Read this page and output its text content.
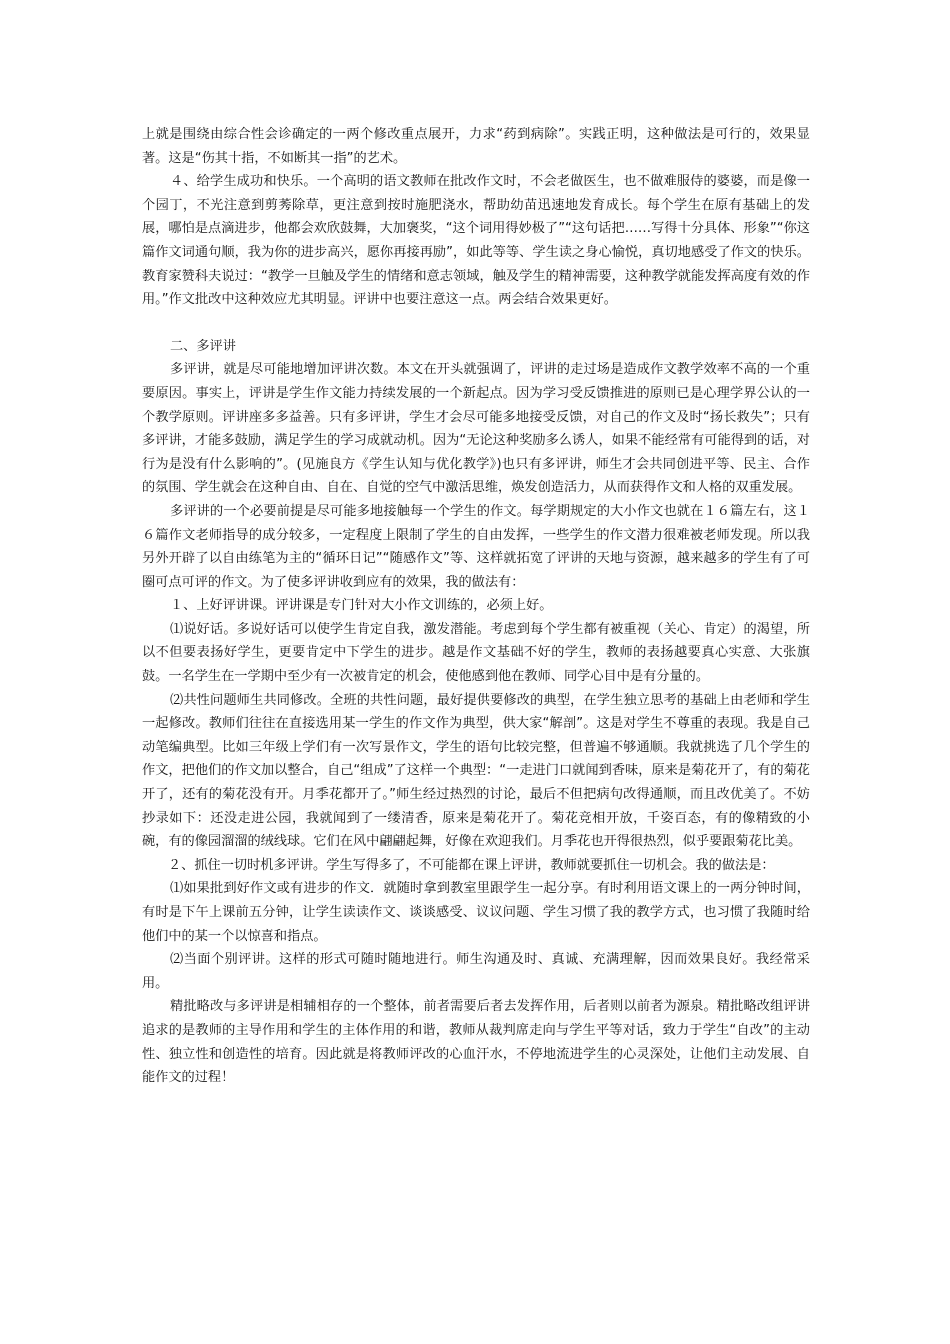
上就是围绕由综合性会诊确定的一两个修改重点展开，力求“药到病除”。实践正明，这种做法是可行的，效果显著。这是“伤其十指，不如断其一指”的艺术。

４、给学生成功和快乐。一个高明的语文教师在批改作文时，不会老做医生，也不做难服侍的婆婆，而是像一个园丁，不光注意到剪莠除草，更注意到按时施肥浇水，帮助幼苗迅速地发育成长。每个学生在原有基础上的发展，哪怕是点滴进步，他都会欢欣鼓舞，大加褒奖，“这个词用得妙极了”“这句话把……写得十分具体、形象”“你这篇作文词通句顺，我为你的进步高兴，愿你再接再励”，如此等等、学生读之身心愉悦，真切地感受了作文的快乐。教育家赞科夫说过：“教学一旦触及学生的情绪和意志领域，触及学生的精神需要，这种教学就能发挥高度有效的作用。”作文批改中这种效应尤其明显。评讲中也要注意这一点。两会结合效果更好。

二、多评讲

多评讲，就是尽可能地增加评讲次数。本文在开头就强调了，评讲的走过场是造成作文教学效率不高的一个重要原因。事实上，评讲是学生作文能力持续发展的一个新起点。因为学习受反馈推进的原则已是心理学界公认的一个教学原则。评讲座多多益善。只有多评讲，学生才会尽可能多地接受反馈，对自己的作文及时“扬长救失”；只有多评讲，才能多鼓励，满足学生的学习成就动机。因为“无论这种奖励多么诱人，如果不能经常有可能得到的话，对行为是没有什么影响的”。(见施良方《学生认知与优化教学》)也只有多评讲，师生才会共同创进平等、民主、合作的氛围、学生就会在这种自由、自在、自觉的空气中激活思维，焕发创造活力，从而获得作文和人格的双重发展。

多评讲的一个必要前提是尽可能多地接触每一个学生的作文。每学期规定的大小作文也就在１６篇左右，这１６篇作文老师指导的成分较多，一定程度上限制了学生的自由发挥，一些学生的作文潜力很难被老师发现。所以我另外开辟了以自由练笔为主的“循环日记”“随感作文”等、这样就拓宽了评讲的天地与资源，越来越多的学生有了可圈可点可评的作文。为了使多评讲收到应有的效果，我的做法有：

１、上好评讲课。评讲课是专门针对大小作文训练的，必须上好。

⑴说好话。多说好话可以使学生肯定自我，激发潜能。考虑到每个学生都有被重视（关心、肯定）的渴望，所以不但要表扬好学生，更要肯定中下学生的进步。越是作文基础不好的学生，教师的表扬越要真心实意、大张旗鼓。一名学生在一学期中至少有一次被肯定的机会，使他感到他在教师、同学心目中是有分量的。

⑵共性问题师生共同修改。全班的共性问题，最好提供要修改的典型，在学生独立思考的基础上由老师和学生一起修改。教师们往往在直接选用某一学生的作文作为典型，供大家“解剖”。这是对学生不尊重的表现。我是自己动笔编典型。比如三年级上学们有一次写景作文，学生的语句比较完整，但普遍不够通顺。我就挑选了几个学生的作文，把他们的作文加以整合，自己“组成”了这样一个典型：“一走进门口就闻到香味，原来是菊花开了，有的菊花开了，还有的菊花没有开。月季花都开了。”师生经过热烈的讨论，最后不但把病句改得通顺，而且改优美了。不妨抄录如下：还没走进公园，我就闻到了一缕清香，原来是菊花开了。菊花竞相开放，千姿百态，有的像精致的小碗，有的像园溜溜的绒线球。它们在风中翩翩起舞，好像在欢迎我们。月季花也开得很热烈，似乎要跟菊花比美。

２、抓住一切时机多评讲。学生写得多了，不可能都在课上评讲，教师就要抓住一切机会。我的做法是：

⑴如果批到好作文或有进步的作文．就随时拿到教室里跟学生一起分享。有时利用语文课上的一两分钟时间，有时是下午上课前五分钟，让学生读读作文、谈谈感受、议议问题、学生习惯了我的教学方式，也习惯了我随时给他们中的某一个以惊喜和指点。

⑵当面个别评讲。这样的形式可随时随地进行。师生沟通及时、真诚、充满理解，因而效果良好。我经常采用。

精批略改与多评讲是相辅相存的一个整体，前者需要后者去发挥作用，后者则以前者为源泉。精批略改组评讲追求的是教师的主导作用和学生的主体作用的和谐，教师从裁判席走向与学生平等对话，致力于学生“自改”的主动性、独立性和创造性的培育。因此就是将教师评改的心血汗水，不停地流进学生的心灵深处，让他们主动发展、自能作文的过程！
